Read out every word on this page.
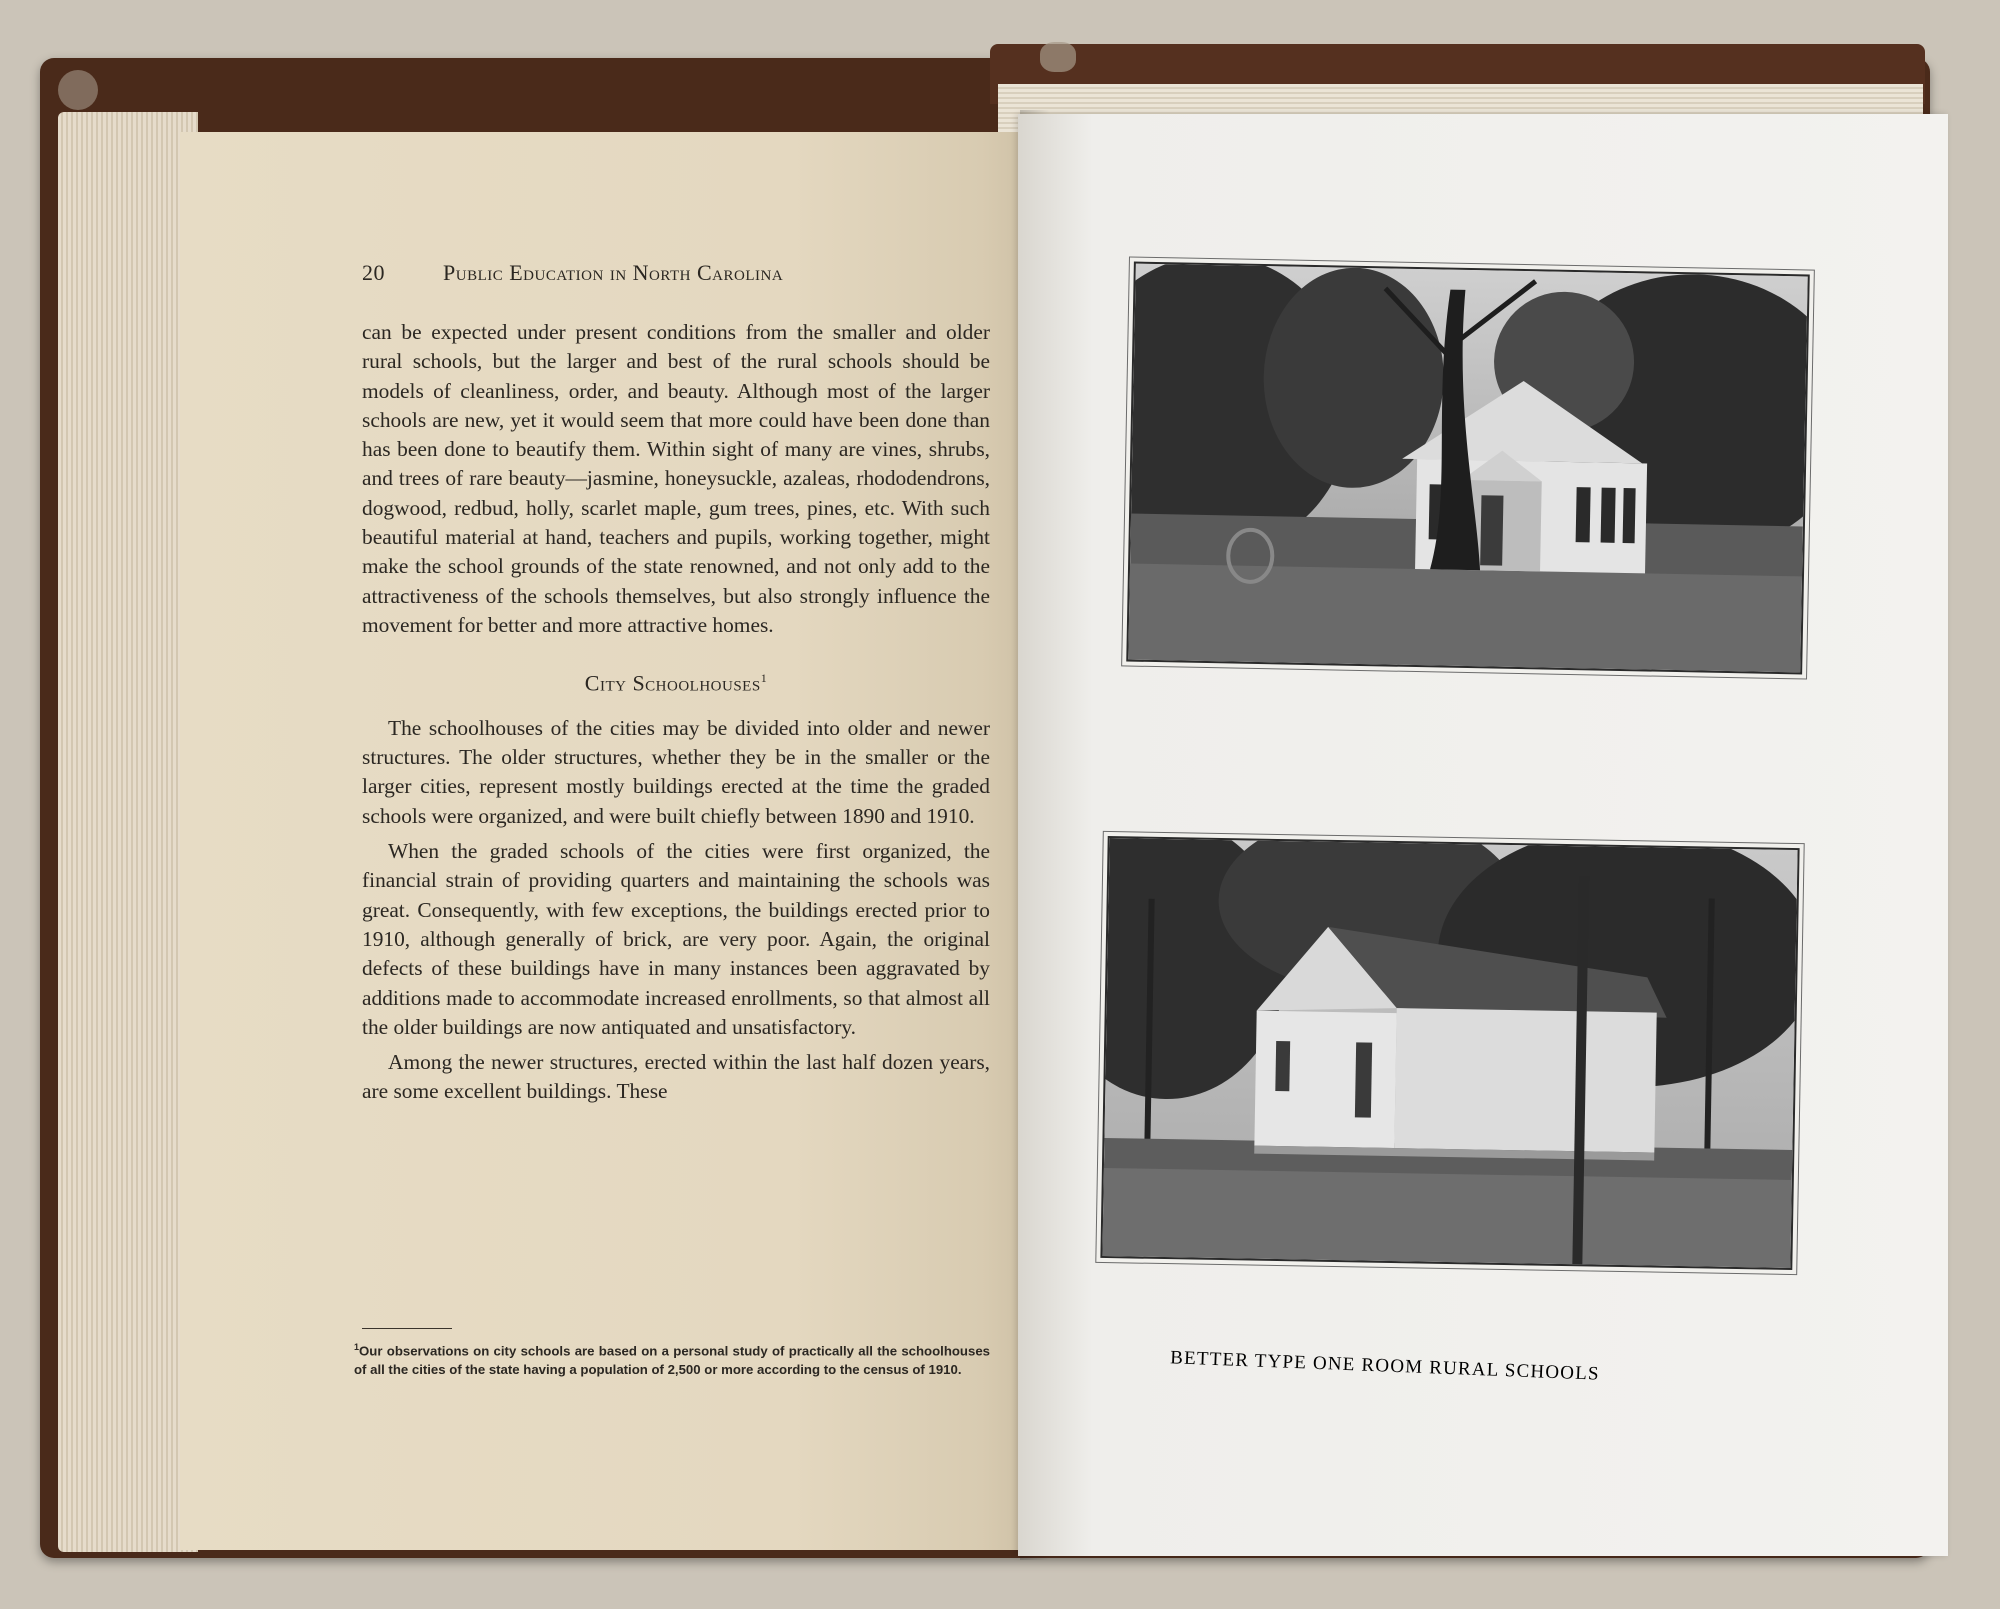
20	Public Education in North Carolina

can be expected under present conditions from the smaller and older rural schools, but the larger and best of the rural schools should be models of cleanliness, order, and beauty. Although most of the larger schools are new, yet it would seem that more could have been done than has been done to beautify them. Within sight of many are vines, shrubs, and trees of rare beauty—jasmine, honeysuckle, azaleas, rhododendrons, dogwood, redbud, holly, scarlet maple, gum trees, pines, etc. With such beautiful material at hand, teachers and pupils, working together, might make the school grounds of the state renowned, and not only add to the attractiveness of the schools themselves, but also strongly influence the movement for better and more attractive homes.

City Schoolhouses$^1$

The schoolhouses of the cities may be divided into older and newer structures. The older structures, whether they be in the smaller or the larger cities, represent mostly buildings erected at the time the graded schools were organized, and were built chiefly between 1890 and 1910.

When the graded schools of the cities were first organized, the financial strain of providing quarters and maintaining the schools was great. Consequently, with few exceptions, the buildings erected prior to 1910, although generally of brick, are very poor. Again, the original defects of these buildings have in many instances been aggravated by additions made to accommodate increased enrollments, so that almost all the older buildings are now antiquated and unsatisfactory.

Among the newer structures, erected within the last half dozen years, are some excellent buildings. These

$^1$Our observations on city schools are based on a personal study of practically all the schoolhouses of all the cities of the state having a population of 2,500 or more according to the census of 1910.	BETTER TYPE ONE ROOM RURAL SCHOOLS
